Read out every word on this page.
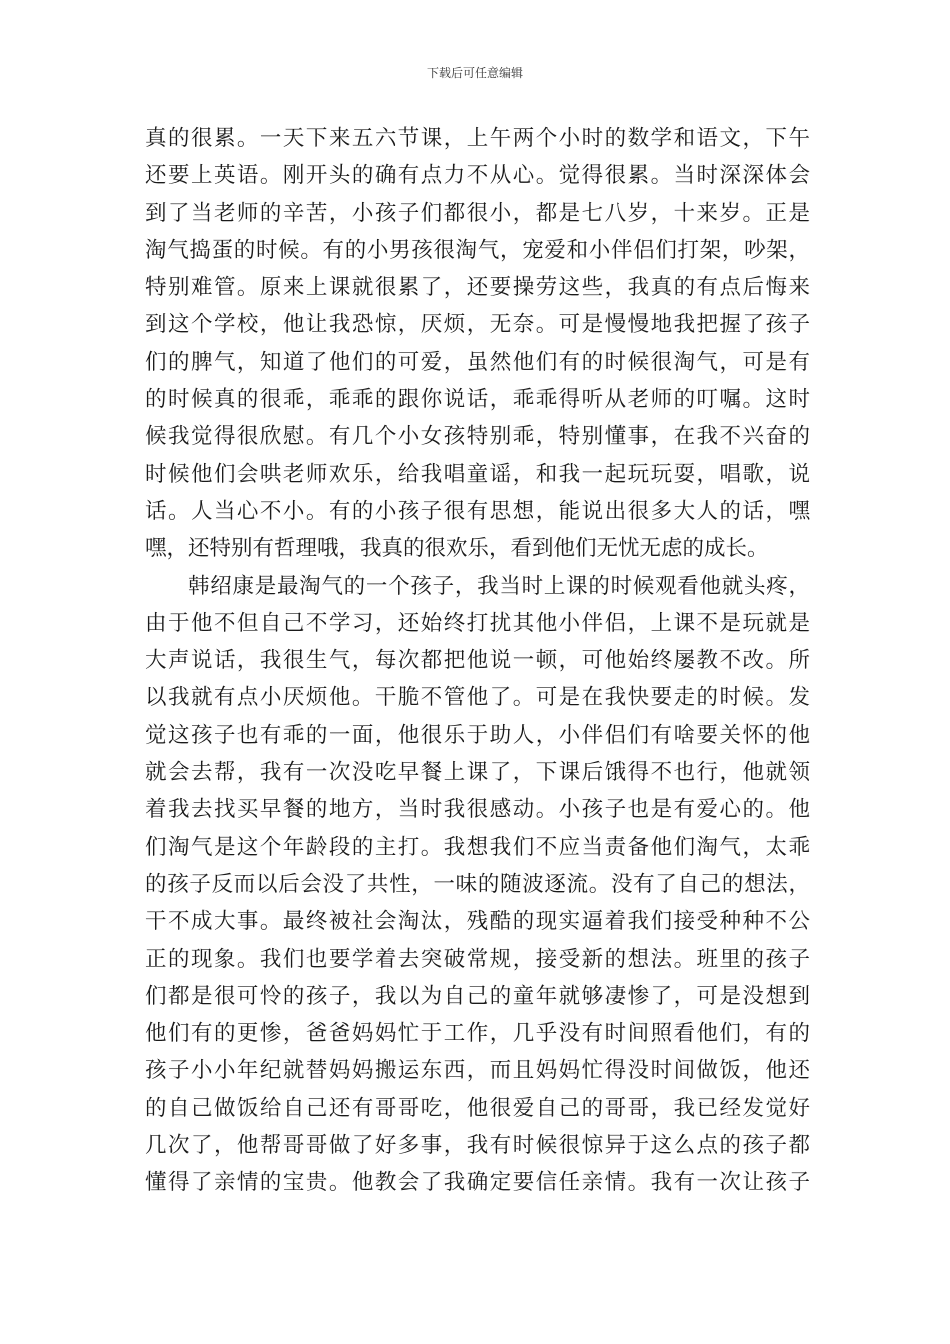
下载后可任意编辑
真的很累。一天下来五六节课，上午两个小时的数学和语文，下午
还要上英语。刚开头的确有点力不从心。觉得很累。当时深深体会
到了当老师的辛苦，小孩子们都很小，都是七八岁，十来岁。正是
淘气捣蛋的时候。有的小男孩很淘气，宠爱和小伴侣们打架，吵架，
特别难管。原来上课就很累了，还要操劳这些，我真的有点后悔来
到这个学校，他让我恐惊，厌烦，无奈。可是慢慢地我把握了孩子
们的脾气，知道了他们的可爱，虽然他们有的时候很淘气，可是有
的时候真的很乖，乖乖的跟你说话，乖乖得听从老师的叮嘱。这时
候我觉得很欣慰。有几个小女孩特别乖，特别懂事，在我不兴奋的
时候他们会哄老师欢乐，给我唱童谣，和我一起玩玩耍，唱歌，说
话。人当心不小。有的小孩子很有思想，能说出很多大人的话，嘿
嘿，还特别有哲理哦，我真的很欢乐，看到他们无忧无虑的成长。
韩绍康是最淘气的一个孩子，我当时上课的时候观看他就头疼，
由于他不但自己不学习，还始终打扰其他小伴侣，上课不是玩就是
大声说话，我很生气，每次都把他说一顿，可他始终屡教不改。所
以我就有点小厌烦他。干脆不管他了。可是在我快要走的时候。发
觉这孩子也有乖的一面，他很乐于助人，小伴侣们有啥要关怀的他
就会去帮，我有一次没吃早餐上课了，下课后饿得不也行，他就领
着我去找买早餐的地方，当时我很感动。小孩子也是有爱心的。他
们淘气是这个年龄段的主打。我想我们不应当责备他们淘气，太乖
的孩子反而以后会没了共性，一味的随波逐流。没有了自己的想法，
干不成大事。最终被社会淘汰，残酷的现实逼着我们接受种种不公
正的现象。我们也要学着去突破常规，接受新的想法。班里的孩子
们都是很可怜的孩子，我以为自己的童年就够凄惨了，可是没想到
他们有的更惨，爸爸妈妈忙于工作，几乎没有时间照看他们，有的
孩子小小年纪就替妈妈搬运东西，而且妈妈忙得没时间做饭，他还
的自己做饭给自己还有哥哥吃，他很爱自己的哥哥，我已经发觉好
几次了，他帮哥哥做了好多事，我有时候很惊异于这么点的孩子都
懂得了亲情的宝贵。他教会了我确定要信任亲情。我有一次让孩子
